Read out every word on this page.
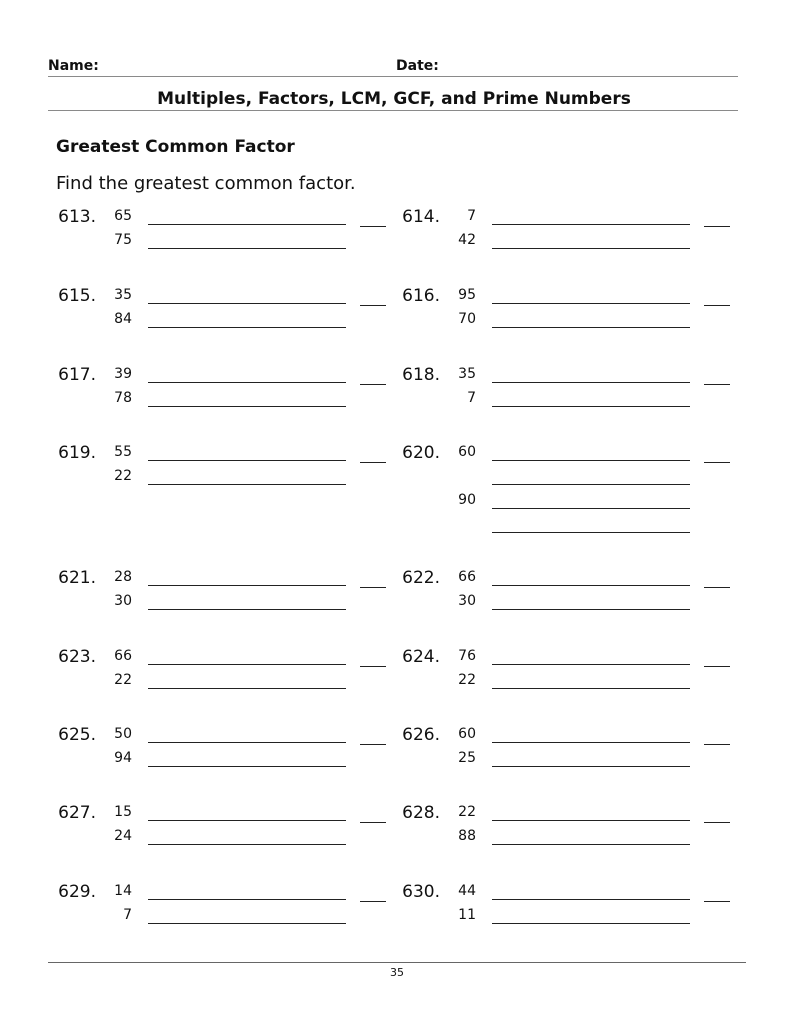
Name:	Date:
Multiples, Factors, LCM, GCF, and Prime Numbers
Greatest Common Factor
Find the greatest common factor.
613.	65
75
614.	7
42
615.	35
84
616.	95
70
617.	39
78
618.	35
7
619.	55
22
620.	60
90
621.	28
30
622.	66
30
623.	66
22
624.	76
22
625.	50
94
626.	60
25
627.	15
24
628.	22
88
629.	14
7
630.	44
11
35
